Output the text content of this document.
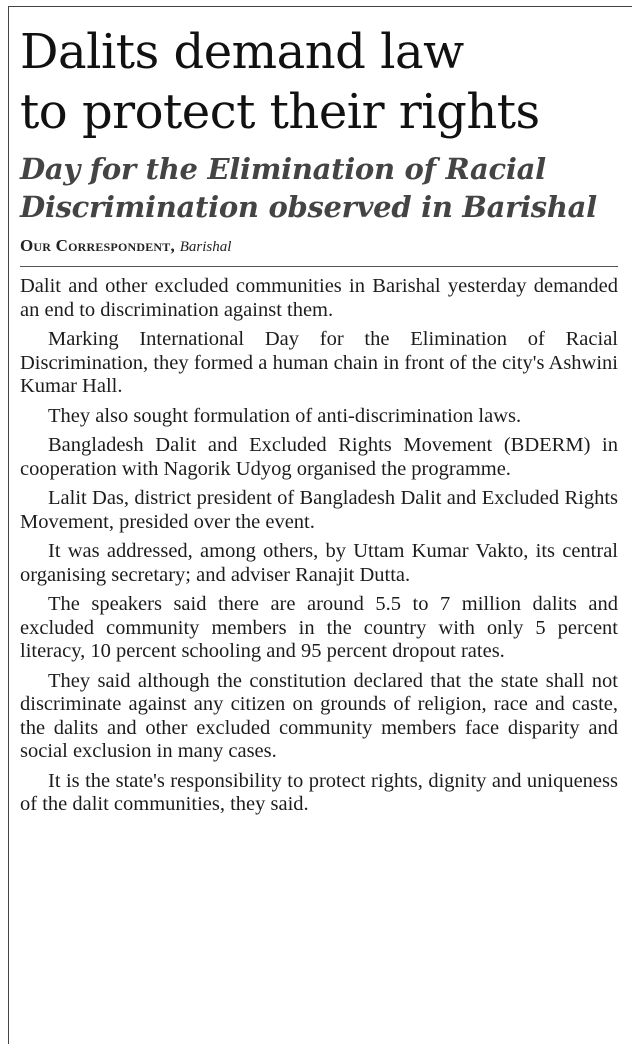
Dalits demand law
to protect their rights
Day for the Elimination of Racial
Discrimination observed in Barishal
Our Correspondent, Barishal

Dalit and other excluded communities in Barishal yesterday demanded an end to discrimination against them.

Marking International Day for the Elimination of Racial Discrimination, they formed a human chain in front of the city's Ashwini Kumar Hall.

They also sought formulation of anti-discrimination laws.

Bangladesh Dalit and Excluded Rights Movement (BDERM) in cooperation with Nagorik Udyog organised the programme.

Lalit Das, district president of Bangladesh Dalit and Excluded Rights Movement, presided over the event.

It was addressed, among others, by Uttam Kumar Vakto, its central organising secretary; and adviser Ranajit Dutta.

The speakers said there are around 5.5 to 7 million dalits and excluded community members in the country with only 5 percent literacy, 10 percent schooling and 95 percent dropout rates.

They said although the constitution declared that the state shall not discriminate against any citizen on grounds of religion, race and caste, the dalits and other excluded community members face disparity and social exclusion in many cases.

It is the state's responsibility to protect rights, dignity and uniqueness of the dalit communities, they said.
